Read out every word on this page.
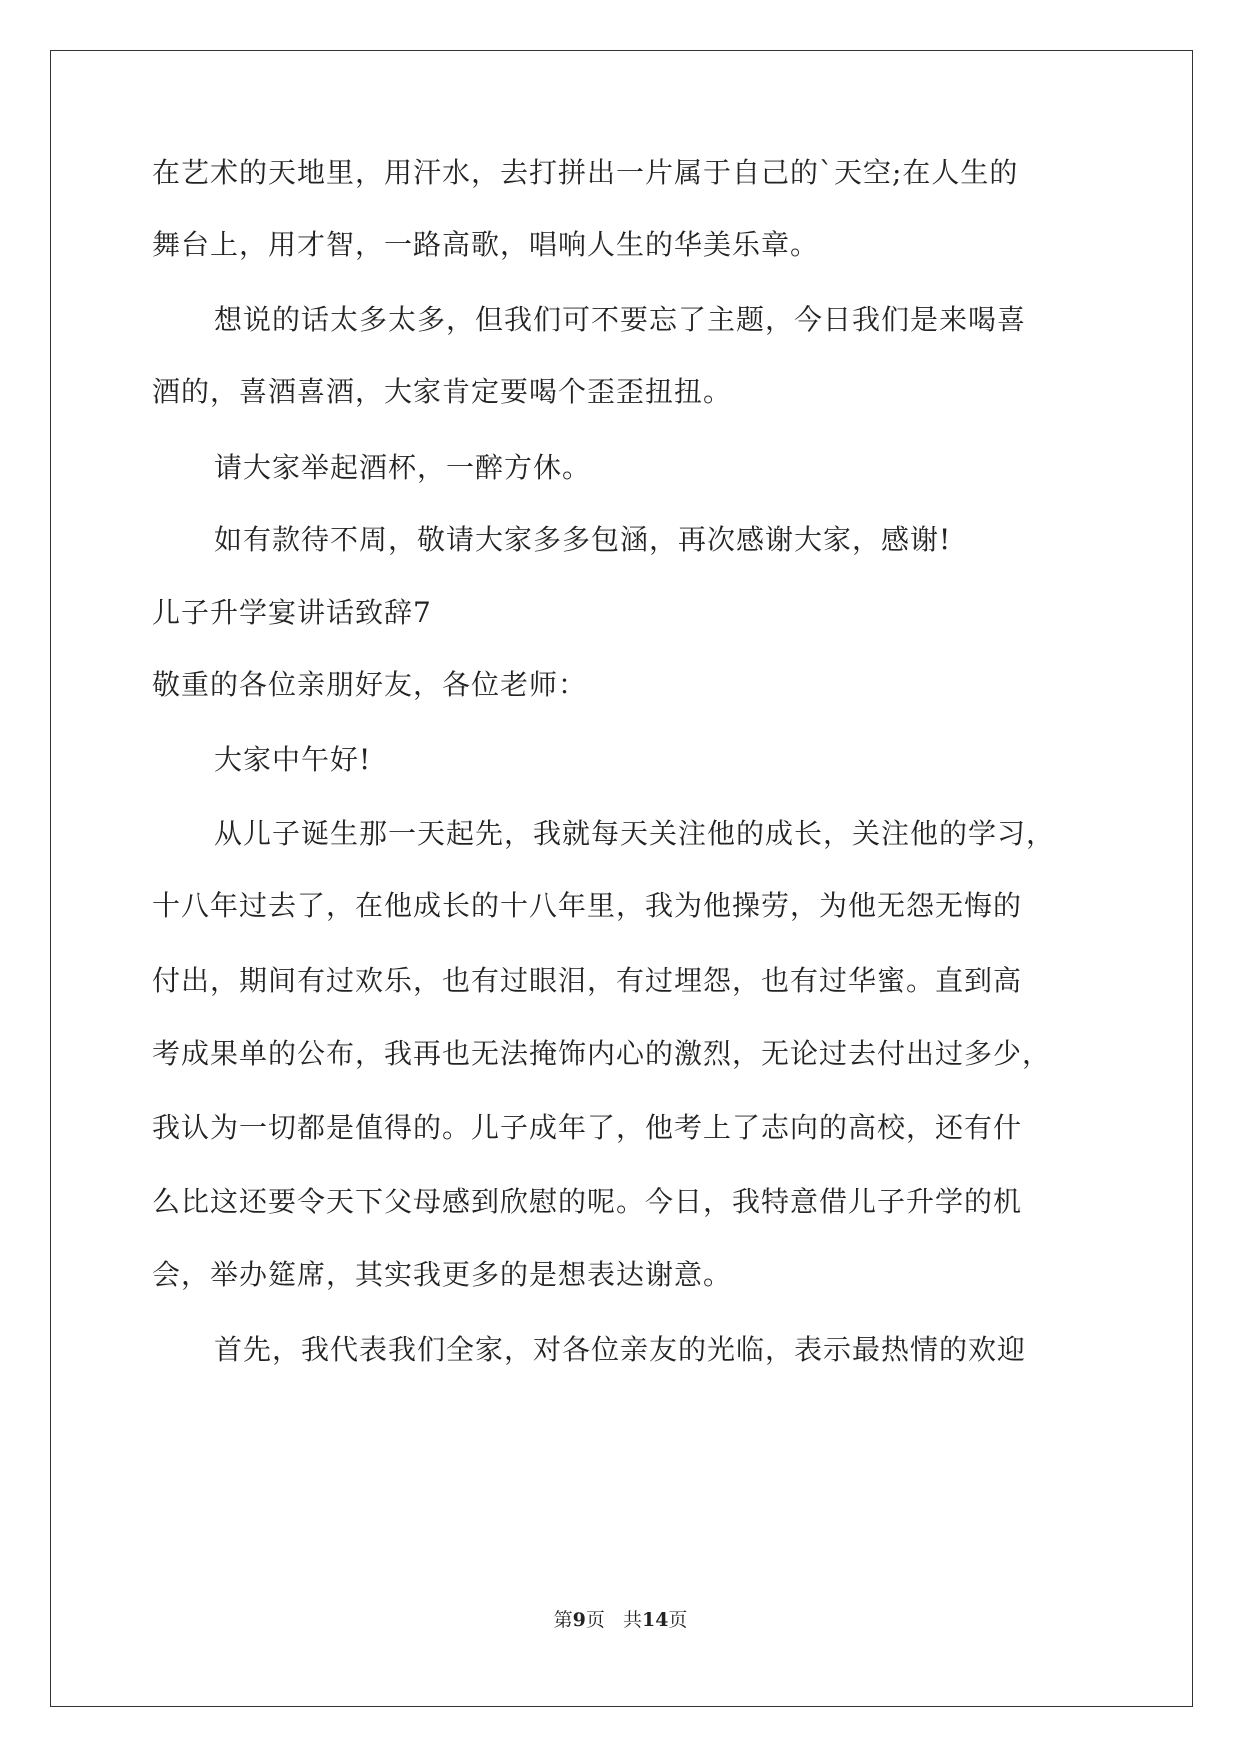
在艺术的天地里，用汗水，去打拼出一片属于自己的`天空;在人生的
舞台上，用才智，一路高歌，唱响人生的华美乐章。
想说的话太多太多，但我们可不要忘了主题，今日我们是来喝喜
酒的，喜酒喜酒，大家肯定要喝个歪歪扭扭。
请大家举起酒杯，一醉方休。
如有款待不周，敬请大家多多包涵，再次感谢大家，感谢!
儿子升学宴讲话致辞7
敬重的各位亲朋好友，各位老师：
大家中午好!
从儿子诞生那一天起先，我就每天关注他的成长，关注他的学习，
十八年过去了，在他成长的十八年里，我为他操劳，为他无怨无悔的
付出，期间有过欢乐，也有过眼泪，有过埋怨，也有过华蜜。直到高
考成果单的公布，我再也无法掩饰内心的激烈，无论过去付出过多少，
我认为一切都是值得的。儿子成年了，他考上了志向的高校，还有什
么比这还要令天下父母感到欣慰的呢。今日，我特意借儿子升学的机
会，举办筵席，其实我更多的是想表达谢意。
首先，我代表我们全家，对各位亲友的光临，表示最热情的欢迎
第9页 共14页
